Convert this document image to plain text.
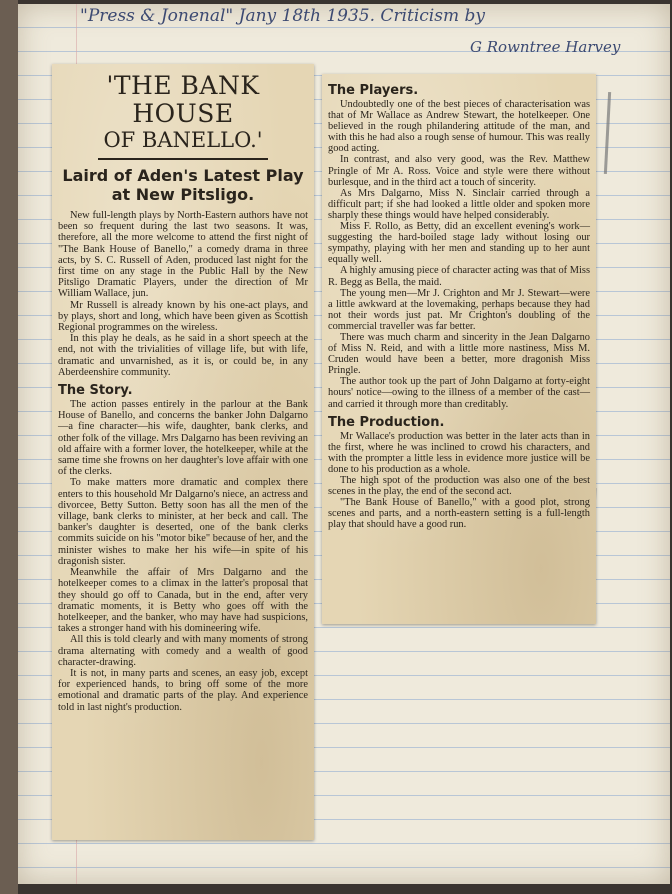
"Press & Jonenal" Jany 18th 1935. Criticism by
G Rowntree Harvey
'THE BANK HOUSE
OF BANELLO.'
Laird of Aden's Latest Play at New Pitsligo.

New full-length plays by North-Eastern authors have not been so frequent during the last two seasons. It was, therefore, all the more welcome to attend the first night of "The Bank House of Banello," a comedy drama in three acts, by S. C. Russell of Aden, produced last night for the first time on any stage in the Public Hall by the New Pitsligo Dramatic Players, under the direction of Mr William Wallace, jun.

Mr Russell is already known by his one-act plays, and by plays, short and long, which have been given as Scottish Regional programmes on the wireless.

In this play he deals, as he said in a short speech at the end, not with the trivialities of village life, but with life, dramatic and unvarnished, as it is, or could be, in any Aberdeenshire community.

The Story.

The action passes entirely in the parlour at the Bank House of Banello, and concerns the banker John Dalgarno—a fine character—his wife, daughter, bank clerks, and other folk of the village. Mrs Dalgarno has been reviving an old affaire with a former lover, the hotelkeeper, while at the same time she frowns on her daughter's love affair with one of the clerks.

To make matters more dramatic and complex there enters to this household Mr Dalgarno's niece, an actress and divorcee, Betty Sutton. Betty soon has all the men of the village, bank clerks to minister, at her beck and call. The banker's daughter is deserted, one of the bank clerks commits suicide on his "motor bike" because of her, and the minister wishes to make her his wife—in spite of his dragonish sister.

Meanwhile the affair of Mrs Dalgarno and the hotelkeeper comes to a climax in the latter's proposal that they should go off to Canada, but in the end, after very dramatic moments, it is Betty who goes off with the hotelkeeper, and the banker, who may have had suspicions, takes a stronger hand with his domineering wife.

All this is told clearly and with many moments of strong drama alternating with comedy and a wealth of good character-drawing.

It is not, in many parts and scenes, an easy job, except for experienced hands, to bring off some of the more emotional and dramatic parts of the play. And experience told in last night's production.

The Players.

Undoubtedly one of the best pieces of characterisation was that of Mr Wallace as Andrew Stewart, the hotelkeeper. One believed in the rough philandering attitude of the man, and with this he had also a rough sense of humour. This was really good acting.

In contrast, and also very good, was the Rev. Matthew Pringle of Mr A. Ross. Voice and style were there without burlesque, and in the third act a touch of sincerity.

As Mrs Dalgarno, Miss N. Sinclair carried through a difficult part; if she had looked a little older and spoken more sharply these things would have helped considerably.

Miss F. Rollo, as Betty, did an excellent evening's work—suggesting the hard-boiled stage lady without losing our sympathy, playing with her men and standing up to her aunt equally well.

A highly amusing piece of character acting was that of Miss R. Begg as Bella, the maid.

The young men—Mr J. Crighton and Mr J. Stewart—were a little awkward at the lovemaking, perhaps because they had not their words just pat. Mr Crighton's doubling of the commercial traveller was far better.

There was much charm and sincerity in the Jean Dalgarno of Miss N. Reid, and with a little more nastiness, Miss M. Cruden would have been a better, more dragonish Miss Pringle.

The author took up the part of John Dalgarno at forty-eight hours' notice—owing to the illness of a member of the cast—and carried it through more than creditably.

The Production.

Mr Wallace's production was better in the later acts than in the first, where he was inclined to crowd his characters, and with the prompter a little less in evidence more justice will be done to his production as a whole.

The high spot of the production was also one of the best scenes in the play, the end of the second act.

"The Bank House of Banello," with a good plot, strong scenes and parts, and a north-eastern setting is a full-length play that should have a good run.
